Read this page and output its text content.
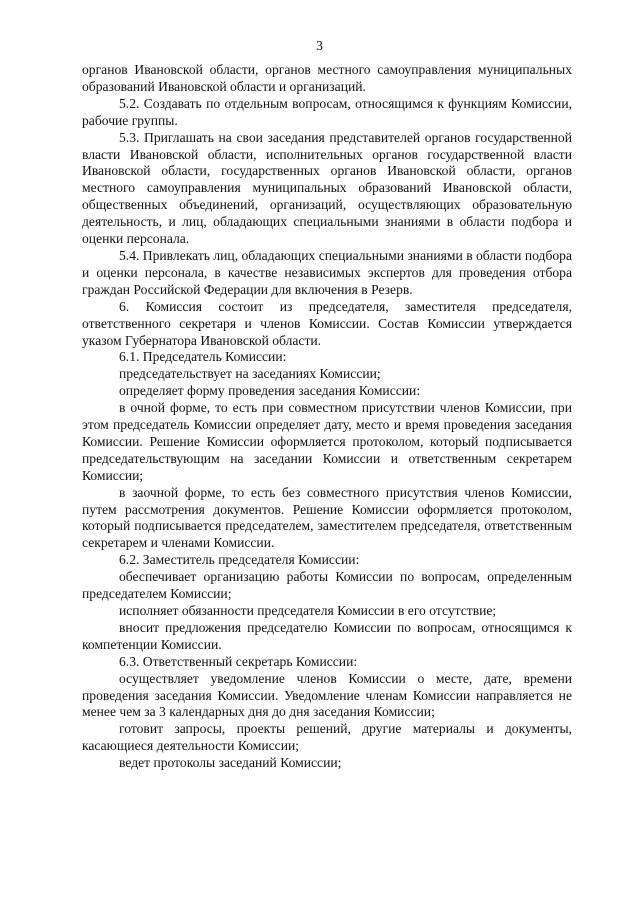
3

органов Ивановской области, органов местного самоуправления муниципальных образований Ивановской области и организаций.

5.2. Создавать по отдельным вопросам, относящимся к функциям Комиссии, рабочие группы.

5.3. Приглашать на свои заседания представителей органов государственной власти Ивановской области, исполнительных органов государственной власти Ивановской области, государственных органов Ивановской области, органов местного самоуправления муниципальных образований Ивановской области, общественных объединений, организаций, осуществляющих образовательную деятельность, и лиц, обладающих специальными знаниями в области подбора и оценки персонала.

5.4. Привлекать лиц, обладающих специальными знаниями в области подбора и оценки персонала, в качестве независимых экспертов для проведения отбора граждан Российской Федерации для включения в Резерв.

6. Комиссия состоит из председателя, заместителя председателя, ответственного секретаря и членов Комиссии. Состав Комиссии утверждается указом Губернатора Ивановской области.

6.1. Председатель Комиссии:

председательствует на заседаниях Комиссии;

определяет форму проведения заседания Комиссии:

в очной форме, то есть при совместном присутствии членов Комиссии, при этом председатель Комиссии определяет дату, место и время проведения заседания Комиссии. Решение Комиссии оформляется протоколом, который подписывается председательствующим на заседании Комиссии и ответственным секретарем Комиссии;

в заочной форме, то есть без совместного присутствия членов Комиссии, путем рассмотрения документов. Решение Комиссии оформляется протоколом, который подписывается председателем, заместителем председателя, ответственным секретарем и членами Комиссии.

6.2. Заместитель председателя Комиссии:

обеспечивает организацию работы Комиссии по вопросам, определенным председателем Комиссии;

исполняет обязанности председателя Комиссии в его отсутствие;

вносит предложения председателю Комиссии по вопросам, относящимся к компетенции Комиссии.

6.3. Ответственный секретарь Комиссии:

осуществляет уведомление членов Комиссии о месте, дате, времени проведения заседания Комиссии. Уведомление членам Комиссии направляется не менее чем за 3 календарных дня до дня заседания Комиссии;

готовит запросы, проекты решений, другие материалы и документы, касающиеся деятельности Комиссии;

ведет протоколы заседаний Комиссии;
